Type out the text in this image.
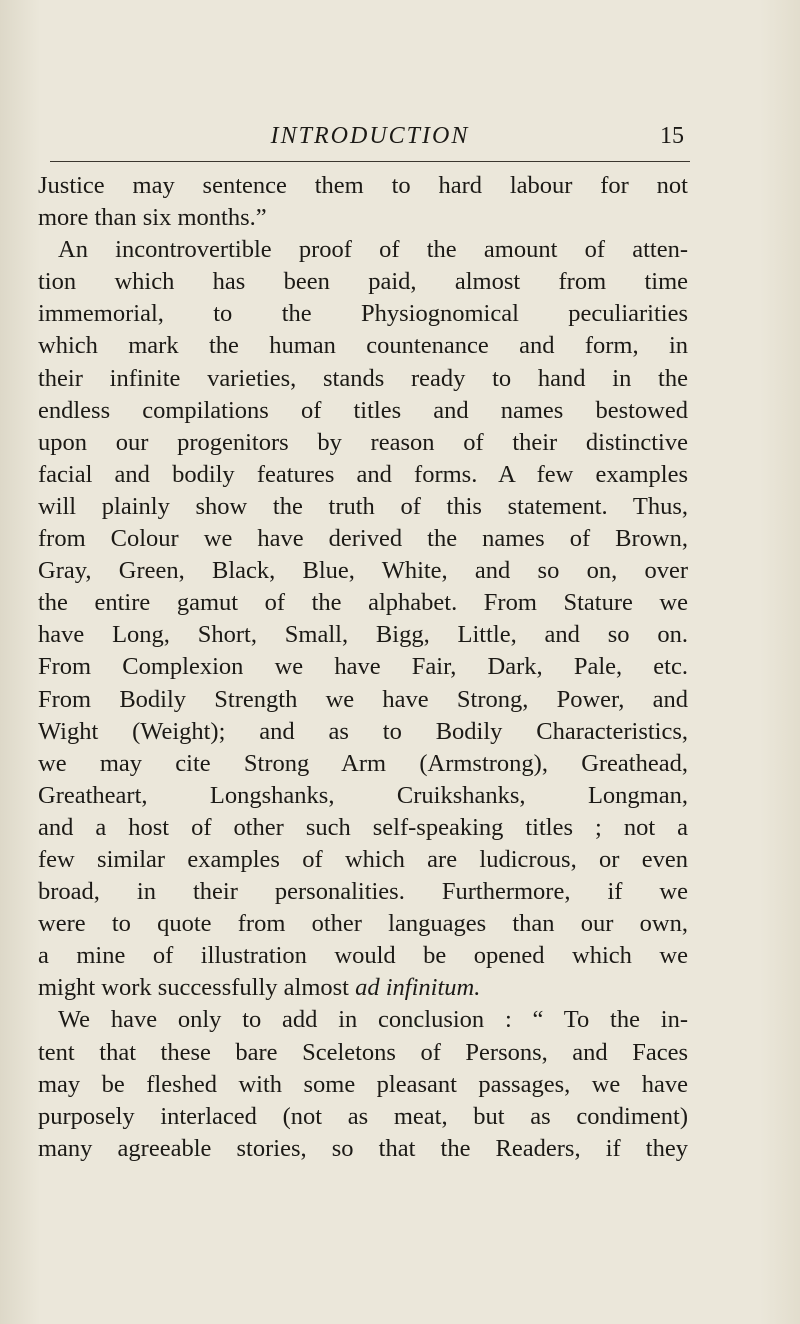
INTRODUCTION	15
Justice may sentence them to hard labour for not
more than six months.”
An incontrovertible proof of the amount of atten-
tion which has been paid, almost from time
immemorial, to the Physiognomical peculiarities
which mark the human countenance and form, in
their infinite varieties, stands ready to hand in the
endless compilations of titles and names bestowed
upon our progenitors by reason of their distinctive
facial and bodily features and forms. A few examples
will plainly show the truth of this statement. Thus,
from Colour we have derived the names of Brown,
Gray, Green, Black, Blue, White, and so on, over
the entire gamut of the alphabet. From Stature we
have Long, Short, Small, Bigg, Little, and so on.
From Complexion we have Fair, Dark, Pale, etc.
From Bodily Strength we have Strong, Power, and
Wight (Weight); and as to Bodily Characteristics,
we may cite Strong Arm (Armstrong), Greathead,
Greatheart, Longshanks, Cruikshanks, Longman,
and a host of other such self-speaking titles ; not a
few similar examples of which are ludicrous, or even
broad, in their personalities. Furthermore, if we
were to quote from other languages than our own,
a mine of illustration would be opened which we
might work successfully almost ad infinitum.
We have only to add in conclusion : “ To the in-
tent that these bare Sceletons of Persons, and Faces
may be fleshed with some pleasant passages, we have
purposely interlaced (not as meat, but as condiment)
many agreeable stories, so that the Readers, if they
